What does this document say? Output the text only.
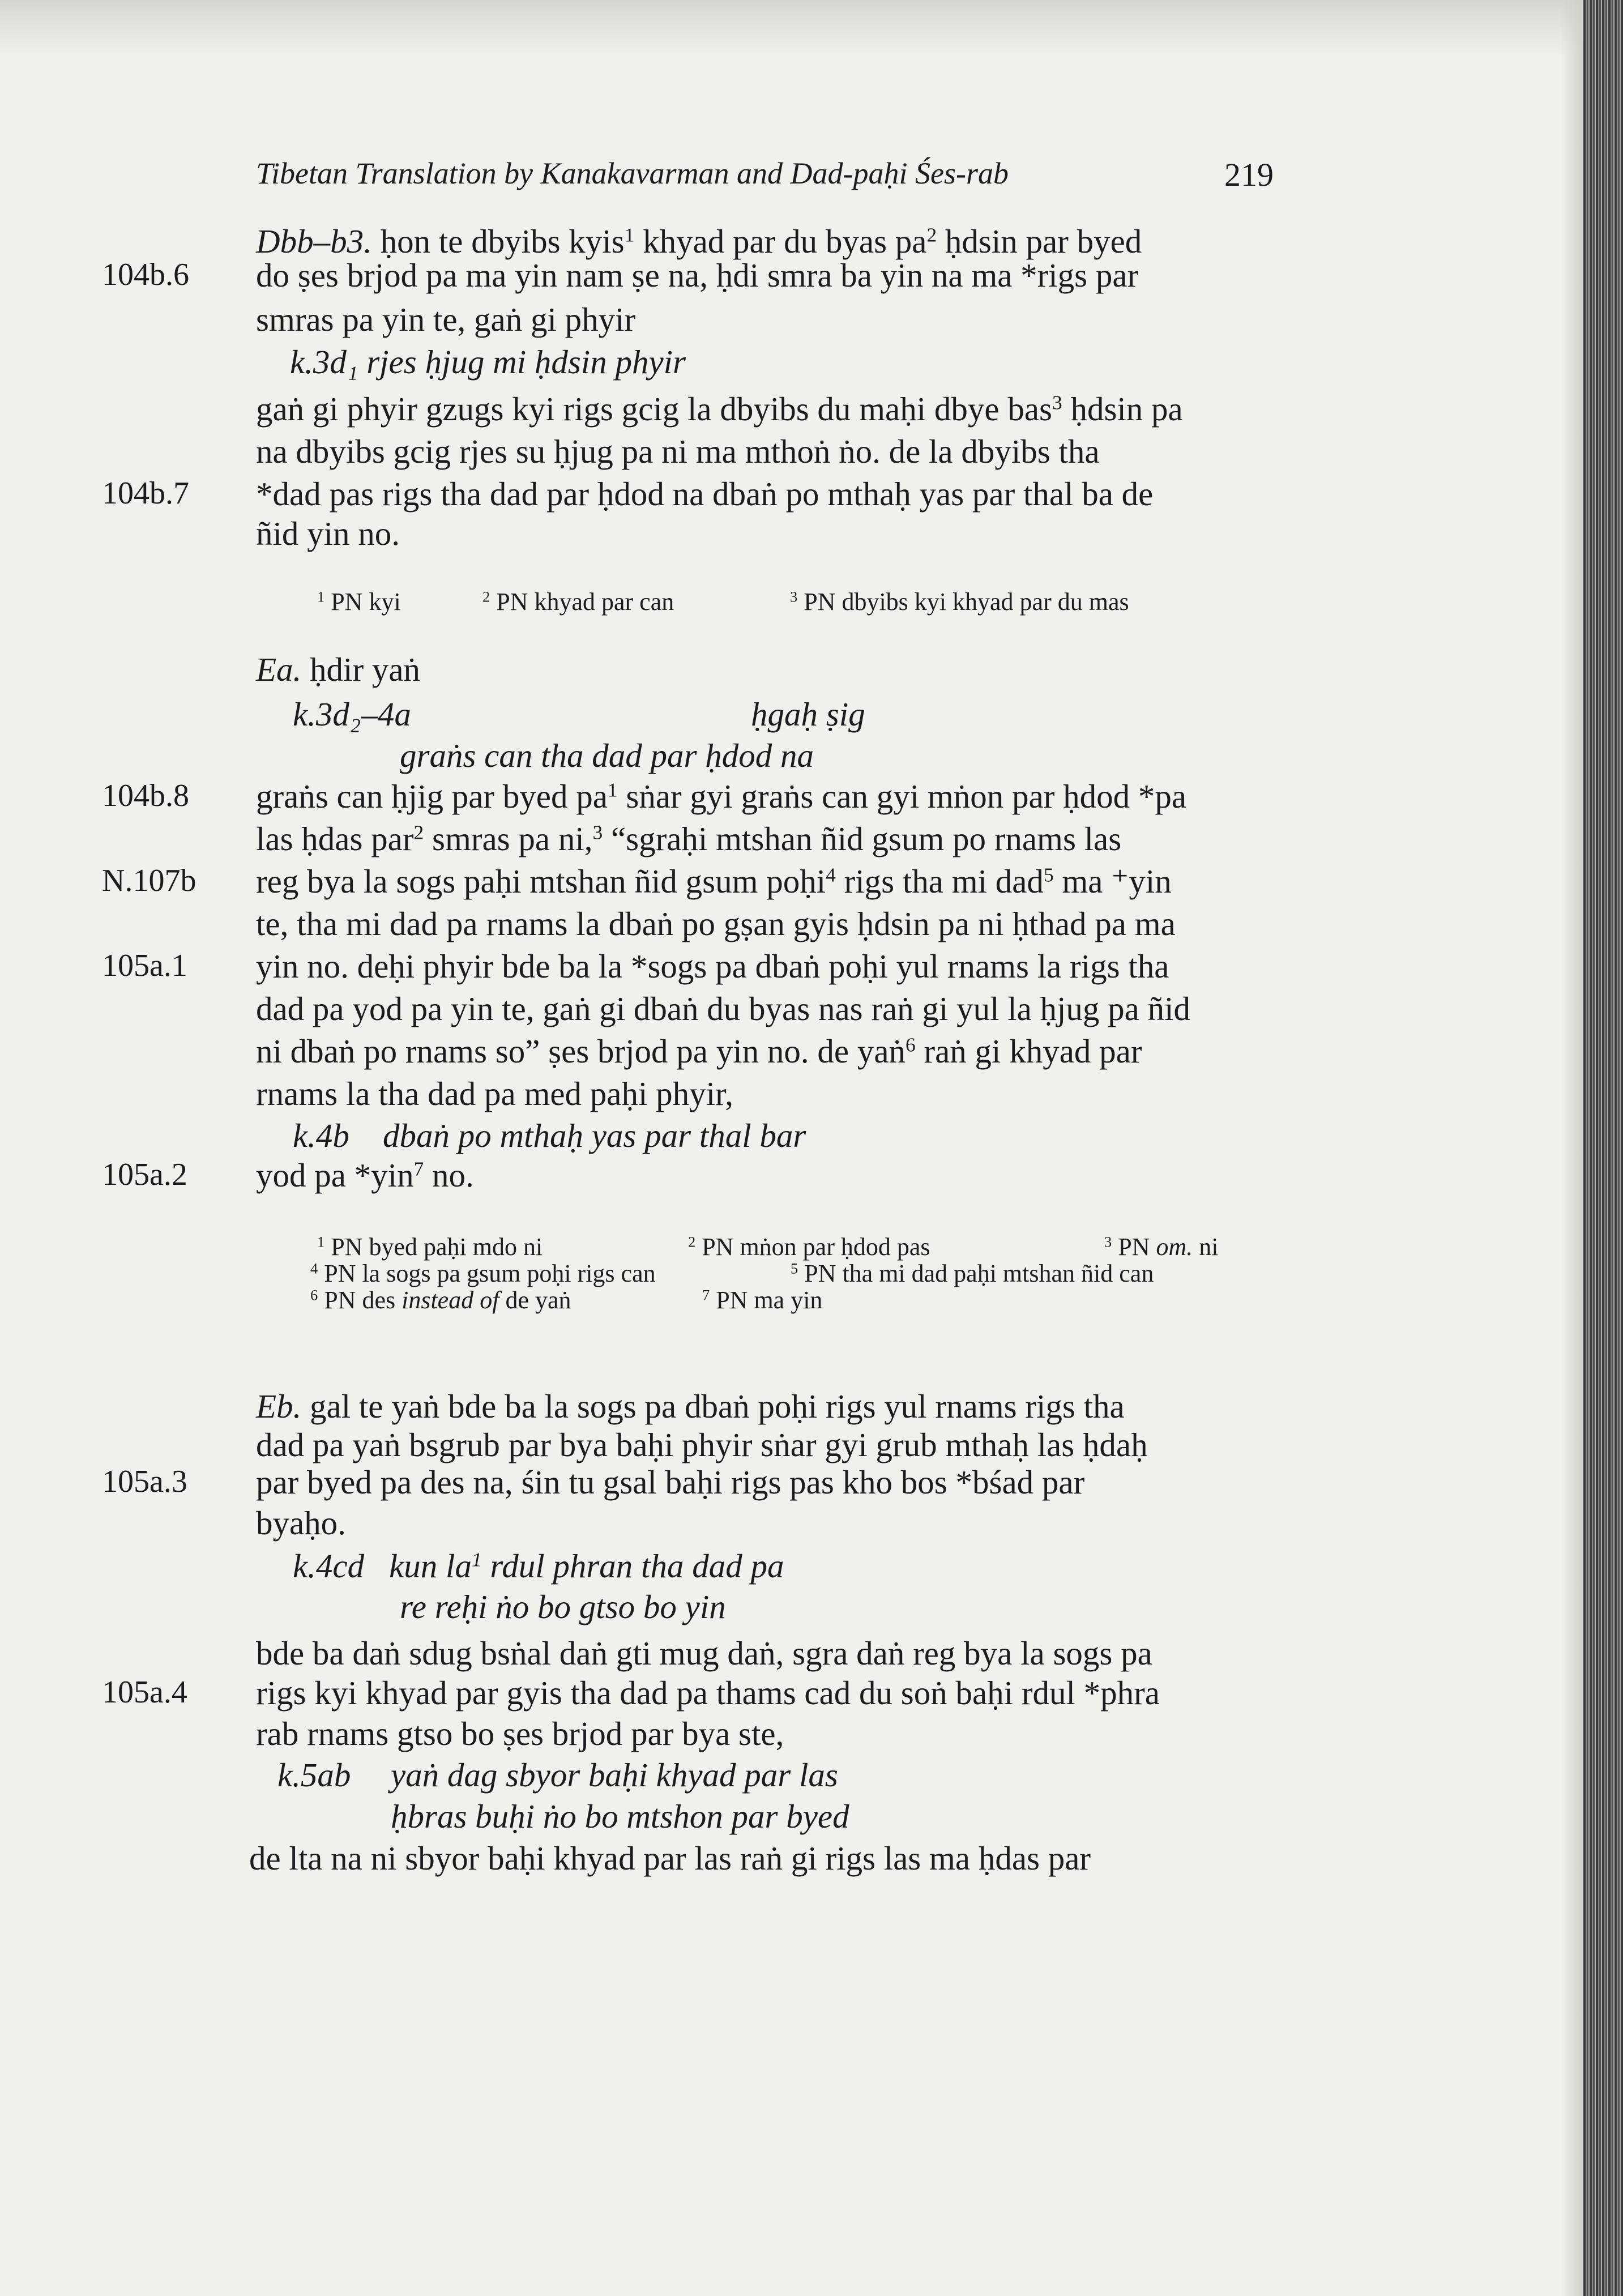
Tibetan Translation by Kanakavarman and Dad-paḥi Śes-rab	219
104b.6
104b.7
104b.8
N.107b
105a.1
105a.2
105a.3
105a.4
Dbb–b3. ḥon te dbyibs kyis$^1$ khyad par du byas $pa^2$ ḥdsin par byed
do ṣes brjod pa ma yin nam ṣe na, ḥdi smra ba yin na ma *rigs par
smras pa yin te, gaṅ gi phyir
k.3d₁ rjes ḥjug mi ḥdsin phyir
gaṅ gi phyir gzugs kyi rigs gcig la dbyibs du maḥi dbye bas$^3$ ḥdsin pa
na dbyibs gcig rjes su ḥjug pa ni ma mthoṅ ṅo. de la dbyibs tha
*dad pas rigs tha dad par ḥdod na dbaṅ po mthaḥ yas par thal ba de
ñid yin no.
$^1$ PN kyi	$^2$ PN khyad par can	$^3$ PN dbyibs kyi khyad par du mas
Ea. ḥdir yaṅ
k.3d₂–4a	ḥgaḥ ṣig
graṅs can tha dad par ḥdod na
graṅs can ḥjig par byed $pa^1$ sṅar gyi graṅs can gyi mṅon par ḥdod *pa
las ḥdas par$^2$ smras pa ni,$^3$ “sgraḥi mtshan ñid gsum po rnams las
reg bya la sogs paḥi mtshan ñid gsum poḥi$^4$ rigs tha mi dad$^5$ ma ⁺yin
te, tha mi dad pa rnams la dbaṅ po gṣan gyis ḥdsin pa ni ḥthad pa ma
yin no. deḥi phyir bde ba la *sogs pa dbaṅ poḥi yul rnams la rigs tha
dad pa yod pa yin te, gaṅ gi dbaṅ du byas nas raṅ gi yul la ḥjug pa ñid
ni dbaṅ po rnams so” ṣes brjod pa yin no. de yaṅ$^6$ raṅ gi khyad par
rnams la tha dad pa med paḥi phyir,
k.4b dbaṅ po mthaḥ yas par thal bar
yod pa *yin$^7$ no.
$^1$ PN byed paḥi mdo ni	$^2$ PN mṅon par ḥdod pas	$^3$ PN om. ni
$^4$ PN la sogs pa gsum poḥi rigs can	$^5$ PN tha mi dad paḥi mtshan ñid can
$^6$ PN des instead of de yaṅ	$^7$ PN ma yin
Eb. gal te yaṅ bde ba la sogs pa dbaṅ poḥi rigs yul rnams rigs tha
dad pa yaṅ bsgrub par bya baḥi phyir sṅar gyi grub mthaḥ las ḥdaḥ
par byed pa des na, śin tu gsal baḥi rigs pas kho bos *bśad par
byaḥo.
k.4cd kun $la^1$ rdul phran tha dad pa
re reḥi ṅo bo gtso bo yin
bde ba daṅ sdug bsṅal daṅ gti mug daṅ, sgra daṅ reg bya la sogs pa
rigs kyi khyad par gyis tha dad pa thams cad du soṅ baḥi rdul *phra
rab rnams gtso bo ṣes brjod par bya ste,
k.5ab yaṅ dag sbyor baḥi khyad par las
ḥbras buḥi ṅo bo mtshon par byed
de lta na ni sbyor baḥi khyad par las raṅ gi rigs las ma ḥdas par
